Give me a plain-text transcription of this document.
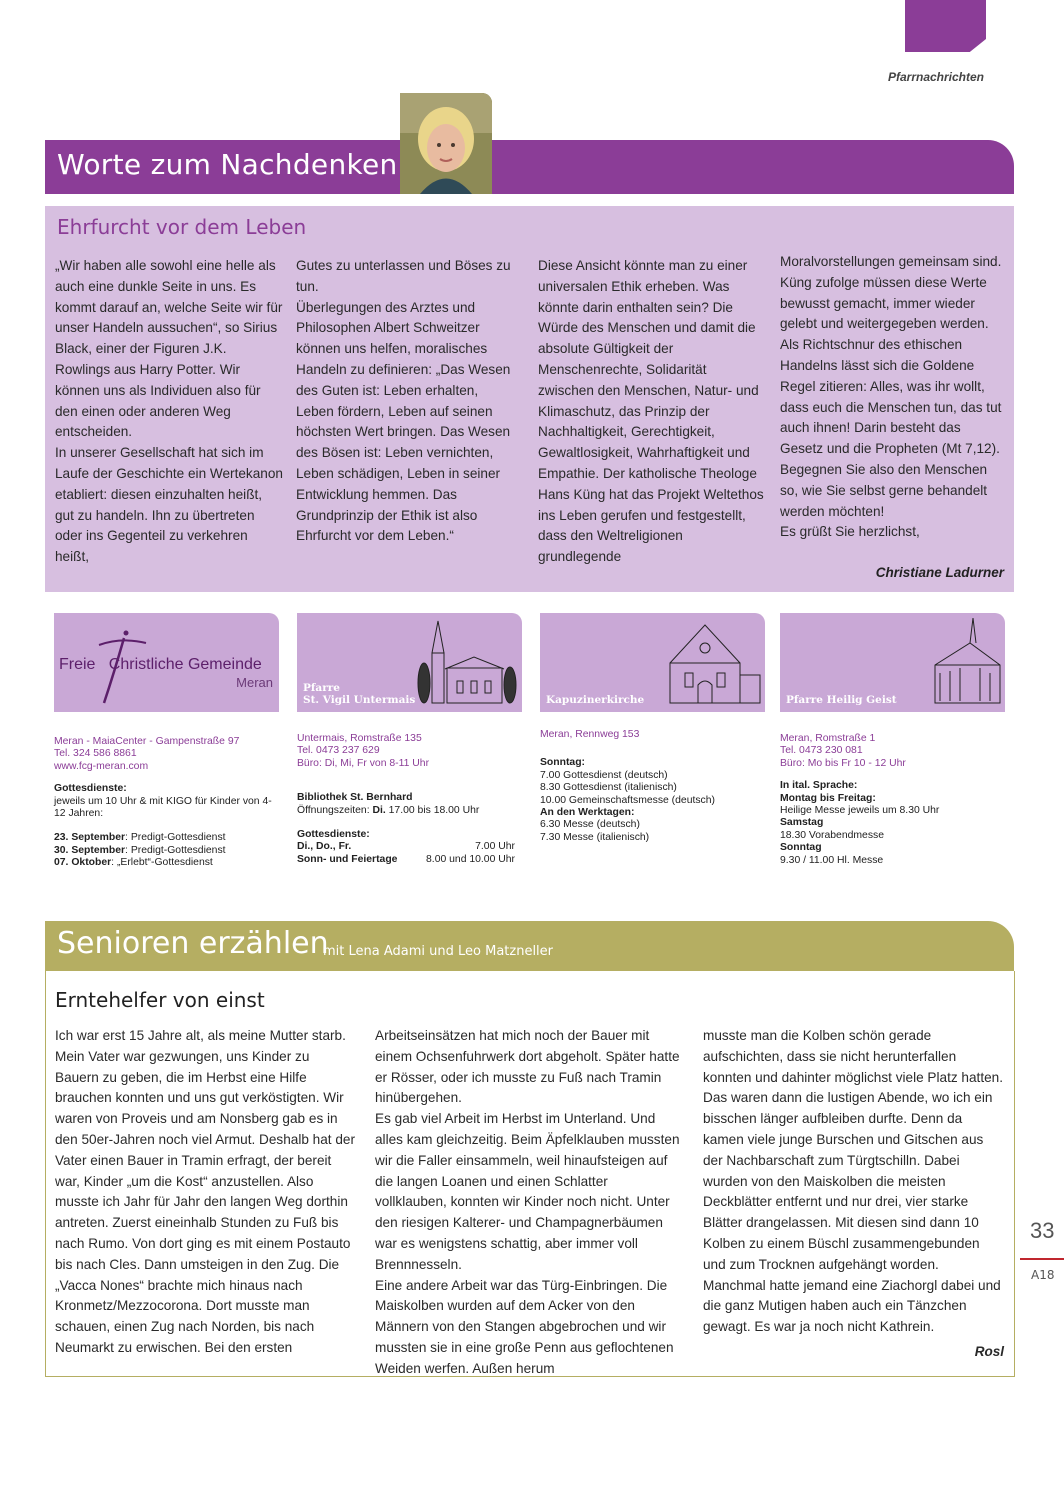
Pfarrnachrichten
Worte zum Nachdenken
Ehrfurcht vor dem Leben

„Wir haben alle sowohl eine helle als auch eine dunkle Seite in uns. Es kommt darauf an, welche Seite wir für unser Handeln aussuchen“, so Sirius Black, einer der Figuren J.K. Rowlings aus Harry Potter. Wir können uns als Individuen also für den einen oder anderen Weg entscheiden.

In unserer Gesellschaft hat sich im Laufe der Geschichte ein Wertekanon etabliert: diesen einzuhalten heißt, gut zu handeln. Ihn zu übertreten oder ins Gegenteil zu verkehren heißt,

Gutes zu unterlassen und Böses zu tun.

Überlegungen des Arztes und Philosophen Albert Schweitzer können uns helfen, moralisches Handeln zu definieren: „Das Wesen des Guten ist: Leben erhalten, Leben fördern, Leben auf seinen höchsten Wert bringen. Das Wesen des Bösen ist: Leben vernichten, Leben schädigen, Leben in seiner Entwicklung hemmen. Das Grundprinzip der Ethik ist also Ehrfurcht vor dem Leben.“

Diese Ansicht könnte man zu einer universalen Ethik erheben. Was könnte darin enthalten sein? Die Würde des Menschen und damit die absolute Gültigkeit der Menschenrechte, Solidarität zwischen den Menschen, Natur- und Klimaschutz, das Prinzip der Nachhaltigkeit, Gerechtigkeit, Gewaltlosigkeit, Wahrhaftigkeit und Empathie. Der katholische Theologe Hans Küng hat das Projekt Weltethos ins Leben gerufen und festgestellt, dass den Weltreligionen grundlegende

Moralvorstellungen gemeinsam sind. Küng zufolge müssen diese Werte bewusst gemacht, immer wieder gelebt und weitergegeben werden. Als Richtschnur des ethischen Handelns lässt sich die Goldene Regel zitieren: Alles, was ihr wollt, dass euch die Menschen tun, das tut auch ihnen! Darin besteht das Gesetz und die Propheten (Mt 7,12).

Begegnen Sie also den Menschen so, wie Sie selbst gerne behandelt werden möchten!

Es grüßt Sie herzlichst,

Christiane Ladurner
Freie Christliche Gemeinde
Meran	Pfarre
St. Vigil Untermais	Kapuzinerkirche	Pfarre Heilig Geist
Meran - MaiaCenter - Gampenstraße 97
Tel. 324 586 8861
www.fcg-meran.com
Gottesdienste:
jeweils um 10 Uhr & mit KIGO für Kinder von 4-12 Jahren:
23. September: Predigt-Gottesdienst
30. September: Predigt-Gottesdienst
07. Oktober: „Erlebt“-Gottesdienst
Untermais, Romstraße 135
Tel. 0473 237 629
Büro: Di, Mi, Fr von 8-11 Uhr
Bibliothek St. Bernhard
Öffnungszeiten: Di. 17.00 bis 18.00 Uhr
Gottesdienste:
Di., Do., Fr.	7.00 Uhr
Sonn- und Feiertage	8.00 und 10.00 Uhr
Meran, Rennweg 153
Sonntag:
7.00 Gottesdienst (deutsch)
8.30 Gottesdienst (italienisch)
10.00 Gemeinschaftsmesse (deutsch)
An den Werktagen:
6.30 Messe (deutsch)
7.30 Messe (italienisch)
Meran, Romstraße 1
Tel. 0473 230 081
Büro: Mo bis Fr 10 - 12 Uhr
In ital. Sprache:
Montag bis Freitag:
Heilige Messe jeweils um 8.30 Uhr
Samstag
18.30 Vorabendmesse
Sonntag
9.30 / 11.00 Hl. Messe
Senioren erzählen
mit Lena Adami und Leo Matzneller
Erntehelfer von einst

Ich war erst 15 Jahre alt, als meine Mutter starb. Mein Vater war gezwungen, uns Kinder zu Bauern zu geben, die im Herbst eine Hilfe brauchen konnten und uns gut verköstigten. Wir waren von Proveis und am Nonsberg gab es in den 50er-Jahren noch viel Armut. Deshalb hat der Vater einen Bauer in Tramin erfragt, der bereit war, Kinder „um die Kost“ anzustellen. Also musste ich Jahr für Jahr den langen Weg dorthin antreten. Zuerst eineinhalb Stunden zu Fuß bis nach Rumo. Von dort ging es mit einem Postauto bis nach Cles. Dann umsteigen in den Zug. Die „Vacca Nones“ brachte mich hinaus nach Kronmetz/Mezzocorona. Dort musste man schauen, einen Zug nach Norden, bis nach Neumarkt zu erwischen. Bei den ersten

Arbeitseinsätzen hat mich noch der Bauer mit einem Ochsenfuhrwerk dort abgeholt. Später hatte er Rösser, oder ich musste zu Fuß nach Tramin hinübergehen.

Es gab viel Arbeit im Herbst im Unterland. Und alles kam gleichzeitig. Beim Äpfelklauben mussten wir die Faller einsammeln, weil hinaufsteigen auf die langen Loanen und einen Schlatter vollklauben, konnten wir Kinder noch nicht. Unter den riesigen Kalterer- und Champagnerbäumen war es wenigstens schattig, aber immer voll Brennnesseln.

Eine andere Arbeit war das Türg-Einbringen. Die Maiskolben wurden auf dem Acker von den Männern von den Stangen abgebrochen und wir mussten sie in eine große Penn aus geflochtenen Weiden werfen. Außen herum

musste man die Kolben schön gerade aufschichten, dass sie nicht herunterfallen konnten und dahinter möglichst viele Platz hatten.

Das waren dann die lustigen Abende, wo ich ein bisschen länger aufbleiben durfte. Denn da kamen viele junge Burschen und Gitschen aus der Nachbarschaft zum Türgtschilln. Dabei wurden von den Maiskolben die meisten Deckblätter entfernt und nur drei, vier starke Blätter drangelassen. Mit diesen sind dann 10 Kolben zu einem Büschl zusammengebunden und zum Trocknen aufgehängt worden. Manchmal hatte jemand eine Ziachorgl dabei und die ganz Mutigen haben auch ein Tänzchen gewagt. Es war ja noch nicht Kathrein.

Rosl
33
A18
